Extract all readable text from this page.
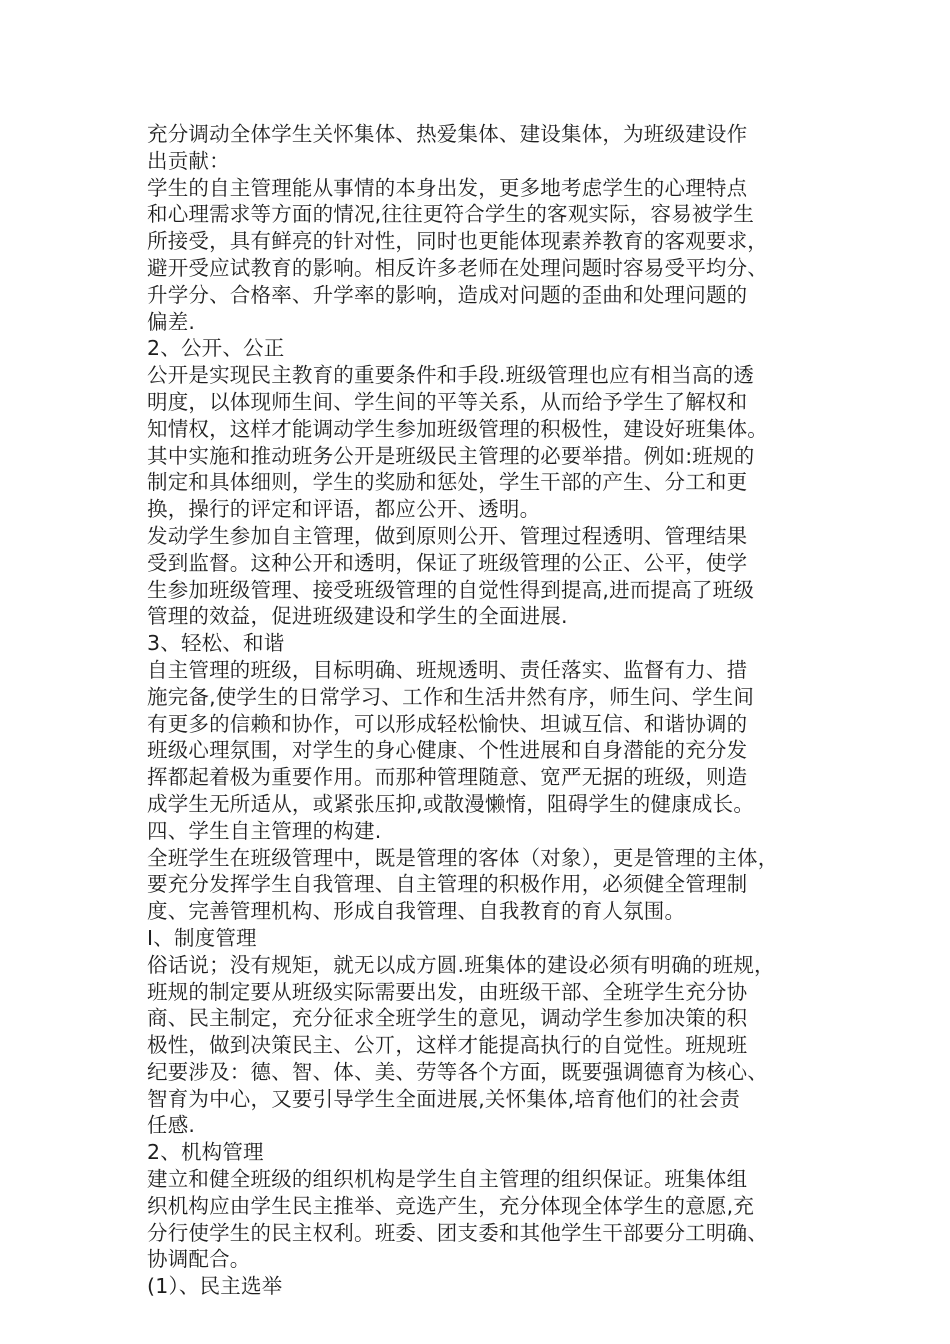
充分调动全体学生关怀集体、热爱集体、建设集体，为班级建设作
出贡献：
学生的自主管理能从事情的本身出发，更多地考虑学生的心理特点
和心理需求等方面的情况,往往更符合学生的客观实际，容易被学生
所接受，具有鲜亮的针对性，同时也更能体现素养教育的客观要求，
避开受应试教育的影响。相反许多老师在处理问题时容易受平均分、
升学分、合格率、升学率的影响，造成对问题的歪曲和处理问题的
偏差.
2、公开、公正
公开是实现民主教育的重要条件和手段.班级管理也应有相当高的透
明度，以体现师生间、学生间的平等关系，从而给予学生了解权和
知情权，这样才能调动学生参加班级管理的积极性，建设好班集体。
其中实施和推动班务公开是班级民主管理的必要举措。例如:班规的
制定和具体细则，学生的奖励和惩处，学生干部的产生、分工和更
换，操行的评定和评语，都应公开、透明。
发动学生参加自主管理，做到原则公开、管理过程透明、管理结果
受到监督。这种公开和透明，保证了班级管理的公正、公平，使学
生参加班级管理、接受班级管理的自觉性得到提高,进而提高了班级
管理的效益，促进班级建设和学生的全面进展.
3、轻松、和谐
自主管理的班级，目标明确、班规透明、责任落实、监督有力、措
施完备,使学生的日常学习、工作和生活井然有序，师生问、学生间
有更多的信赖和协作，可以形成轻松愉快、坦诚互信、和谐协调的
班级心理氛围，对学生的身心健康、个性进展和自身潜能的充分发
挥都起着极为重要作用。而那种管理随意、宽严无据的班级，则造
成学生无所适从，或紧张压抑,或散漫懒惰，阻碍学生的健康成长。
四、学生自主管理的构建.
全班学生在班级管理中，既是管理的客体（对象），更是管理的主体，
要充分发挥学生自我管理、自主管理的积极作用，必须健全管理制
度、完善管理机构、形成自我管理、自我教育的育人氛围。
I、制度管理
俗话说；没有规矩，就无以成方圆.班集体的建设必须有明确的班规，
班规的制定要从班级实际需要出发，由班级干部、全班学生充分协
商、民主制定，充分征求全班学生的意见，调动学生参加决策的积
极性，做到决策民主、公丌，这样才能提高执行的自觉性。班规班
纪要涉及：德、智、体、美、劳等各个方面，既要强调德育为核心、
智育为中心，又要引导学生全面进展,关怀集体,培育他们的社会责
任感.
2、机构管理
建立和健全班级的组织机构是学生自主管理的组织保证。班集体组
织机构应由学生民主推举、竞选产生，充分体现全体学生的意愿,充
分行使学生的民主权利。班委、团支委和其他学生干部要分工明确、
协调配合。
(1）、民主选举
